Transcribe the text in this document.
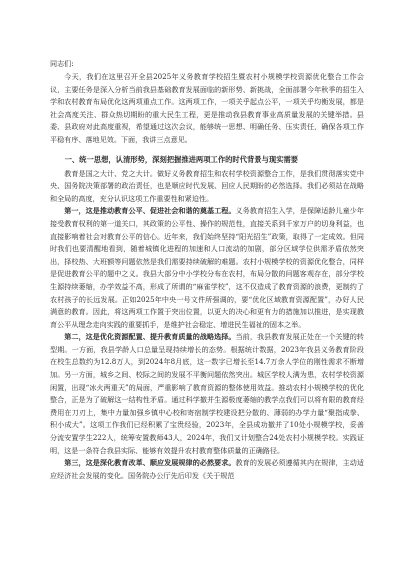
同志们:

今天，我们在这里召开全县2025年义务教育学校招生暨农村小规模学校资源优化整合工作会议，主要任务是深入分析当前我县基础教育发展面临的新形势、新挑战，全面部署今年秋季的招生入学和农村教育布局优化这两项重点工作。这两项工作，一项关乎起点公平，一项关乎均衡发展，都是社会高度关注、群众热切期盼的重大民生工程，更是推动我县教育事业高质量发展的关键举措。县委、县政府对此高度重视，希望通过这次会议，能够统一思想、明确任务、压实责任，确保各项工作平稳有序、落地见效。下面，我讲三点意见。

一、统一思想，认清形势，深刻把握推进两项工作的时代背景与现实需要

教育是国之大计、党之大计。做好义务教育招生和农村学校资源整合工作，是我们贯彻落实党中央、国务院决策部署的政治责任，也是顺应时代发展、回应人民期盼的必然选择。我们必须站在战略和全局的高度，充分认识这项工作重要性和紧迫性。

第一，这是推动教育公平、促进社会和谐的奠基工程。义务教育招生入学，是保障适龄儿童少年接受教育权利的第一道关口，其政策的公平性、操作的规范性，直接关系到千家万户的切身利益，也直接影响着社会对教育公平的信心。近年来，我们始终坚持“阳光招生”政策，取得了一定成效。但同时我们也要清醒地看到，随着城镇化进程的加速和人口流动的加剧，部分区域学位供需矛盾依然突出，择校热、大班额等问题依然是我们需要持续破解的难题。农村小规模学校的资源优化整合，同样是促进教育公平的题中之义。我县大部分中小学校分布在农村，布局分散的问题客观存在，部分学校生源持续萎缩，办学效益不高，形成了所谓的“麻雀学校”，这不仅造成了教育资源的浪费，更制约了农村孩子的长远发展。正如2025年中央一号文件所强调的，要“优化区域教育资源配置”，办好人民满意的教育。因此，将这两项工作置于突出位置，以更大的决心和更有力的措施加以推进，是实现教育公平从理念走向实践的重要抓手，是维护社会稳定、增进民生福祉的固本之举。

第二，这是优化资源配置、提升教育质量的战略选择。当前，我县教育发展正处在一个关键的转型期。一方面，我县学龄人口总量呈现持续增长的态势。根据统计数据，2023年我县义务教育阶段在校生总数约为12.8万人，到2024年8月底，这一数字已增长至14.7万余人学位的刚性需求不断增加。另一方面，城乡之间、校际之间的发展不平衡问题依然突出。城区学校人满为患，农村学校资源闲置，出现“冰火两重天”的局面，严重影响了教育资源的整体使用效益。推动农村小规模学校的优化整合，正是为了破解这一结构性矛盾。通过科学撤并生源极度萎缩的教学点我们可以将有限的教育经费用在刀刃上，集中力量加强乡镇中心校和寄宿制学校建设把分散的、薄弱的办学力量“聚指成拳、积小成大”。这项工作我们已经积累了宝贵经验，2023年，全县成功撤并了10处小规模学校，妥善分流安置学生222人，统筹安置教师43人，2024年，我们又计划整合24处农村小规模学校。实践证明，这是一条符合我县实际、能够有效提升农村教育整体质量的正确路径。

第三，这是深化教育改革、顺应发展规律的必然要求。教育的发展必须遵循其内在规律，主动适应经济社会发展的变化。国务院办公厅先后印发《关于规范
